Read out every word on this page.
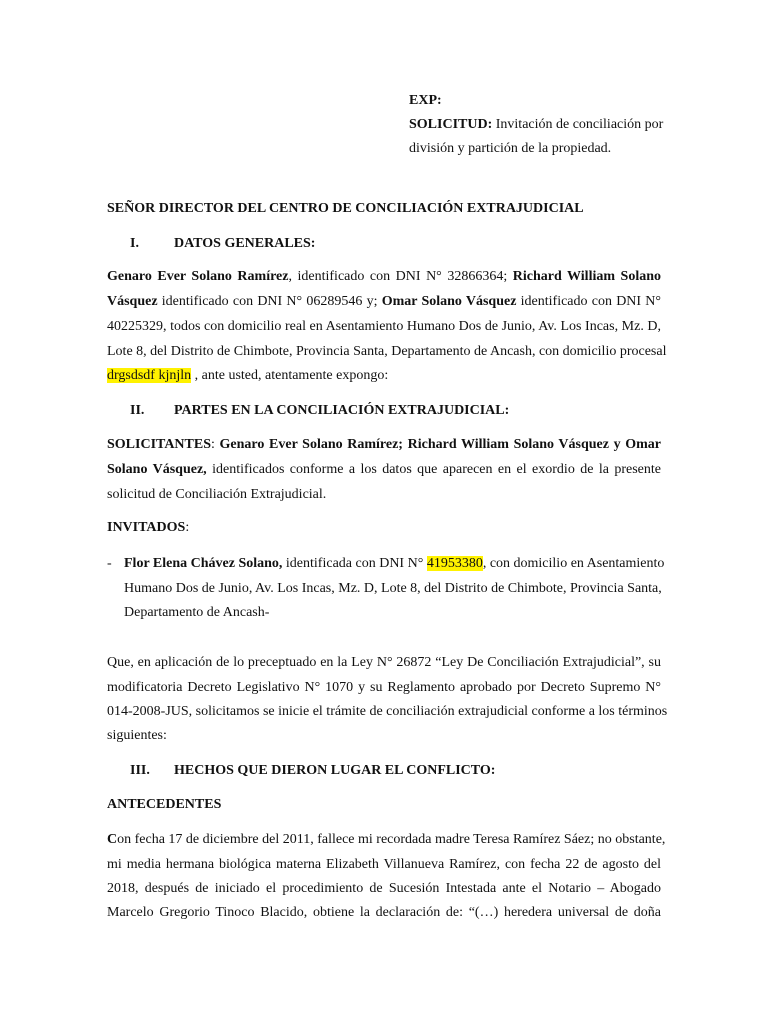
EXP:
SOLICITUD: Invitación de conciliación por
división y partición de la propiedad.
SEÑOR DIRECTOR DEL CENTRO DE CONCILIACIÓN EXTRAJUDICIAL
I.	DATOS GENERALES:
Genaro Ever Solano Ramírez, identificado con DNI N° 32866364; Richard William Solano
Vásquez identificado con DNI N° 06289546 y; Omar Solano Vásquez identificado con DNI N°
40225329, todos con domicilio real en Asentamiento Humano Dos de Junio, Av. Los Incas, Mz. D,
Lote 8, del Distrito de Chimbote, Provincia Santa, Departamento de Ancash, con domicilio procesal
drgsdsdf kjnjln , ante usted, atentamente expongo:
II. PARTES EN LA CONCILIACIÓN EXTRAJUDICIAL:
SOLICITANTES: Genaro Ever Solano Ramírez; Richard William Solano Vásquez y Omar
Solano Vásquez, identificados conforme a los datos que aparecen en el exordio de la presente
solicitud de Conciliación Extrajudicial.
INVITADOS:
- Flor Elena Chávez Solano, identificada con DNI N° 41953380, con domicilio en Asentamiento
Humano Dos de Junio, Av. Los Incas, Mz. D, Lote 8, del Distrito de Chimbote, Provincia Santa,
Departamento de Ancash-
Que, en aplicación de lo preceptuado en la Ley N° 26872 “Ley De Conciliación Extrajudicial”, su
modificatoria Decreto Legislativo N° 1070 y su Reglamento aprobado por Decreto Supremo N°
014-2008-JUS, solicitamos se inicie el trámite de conciliación extrajudicial conforme a los términos
siguientes:
III. HECHOS QUE DIERON LUGAR EL CONFLICTO:
ANTECEDENTES
Con fecha 17 de diciembre del 2011, fallece mi recordada madre Teresa Ramírez Sáez; no obstante,
mi media hermana biológica materna Elizabeth Villanueva Ramírez, con fecha 22 de agosto del
2018, después de iniciado el procedimiento de Sucesión Intestada ante el Notario – Abogado
Marcelo Gregorio Tinoco Blacido, obtiene la declaración de: “(…) heredera universal de doña
